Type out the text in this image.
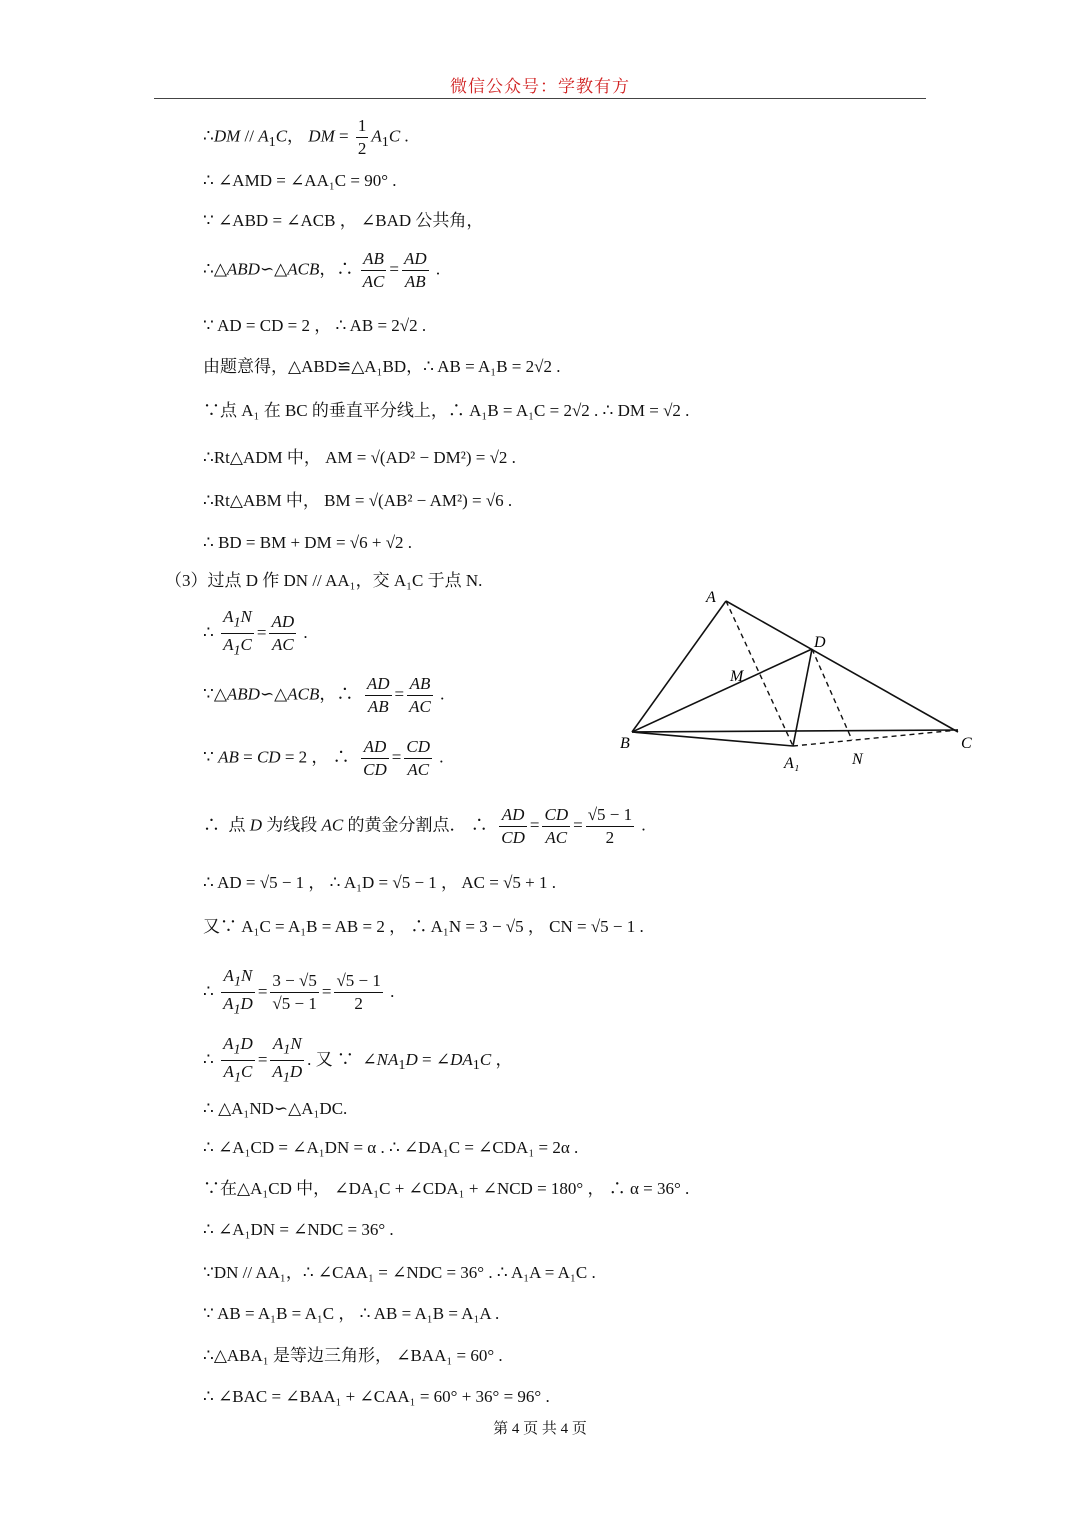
微信公众号：学教有方
∴DM // $A_1C$， DM = $\frac{1}{2} A_1C$ .
∴ ∠AMD = ∠AA₁C = 90° .
∵ ∠ABD = ∠ACB ， ∠BAD 公共角，
∴△ABD∽△ACB，∴ $\frac{AB}{AC} = \frac{AD}{AB}$ .
∵ AD = CD = 2 ， ∴ AB = 2√2 .
由题意得，△ABD≌△A₁BD，∴ AB = A₁B = 2√2 .
∵点 A₁ 在 BC 的垂直平分线上，∴ A₁B = A₁C = 2√2 . ∴ DM = √2 .
∴Rt△ADM 中， AM = √(AD² − DM²) = √2 .
∴Rt△ABM 中， BM = √(AB² − AM²) = √6 .
∴ BD = BM + DM = √6 + √2 .
（3）过点 D 作 DN // AA₁，交 A₁C 于点 N.
∴ $\frac{A_1N}{A_1C} = \frac{AD}{AC}$ .
∵△ABD∽△ACB，∴ $\frac{AD}{AB} = \frac{AB}{AC}$ .
∵ AB = CD = 2 ， ∴ $\frac{AD}{CD} = \frac{CD}{AC}$ .
∴  点 D 为线段 AC 的黄金分割点． ∴ $\frac{AD}{CD} = \frac{CD}{AC} = \frac{√5 - 1}{2}$ .
∴ AD = √5 − 1 ， ∴ A₁D = √5 − 1 ， AC = √5 + 1 .
又∵ A₁C = A₁B = AB = 2 ， ∴ A₁N = 3 − √5 ， CN = √5 − 1 .
∴ $\frac{A_1N}{A_1D} = \frac{3 - √5}{√5 - 1} = \frac{√5 - 1}{2}$ .
∴ $\frac{A_1D}{A_1C} = \frac{A_1N}{A_1D}$ . 又 ∵  $\angle NA_1D$ = $\angle DA_1C$ ，
∴ △A₁ND∽△A₁DC.
∴ ∠A₁CD = ∠A₁DN = α . ∴ ∠DA₁C = ∠CDA₁ = 2α .
∵在△A₁CD 中， ∠DA₁C + ∠CDA₁ + ∠NCD = 180° ， ∴ α = 36° .
∴ ∠A₁DN = ∠NDC = 36° .
∵DN // AA₁，∴ ∠CAA₁ = ∠NDC = 36° . ∴ A₁A = A₁C .
∵ AB = A₁B = A₁C ， ∴ AB = A₁B = A₁A .
∴△ABA₁ 是等边三角形， ∠BAA₁ = 60° .
∴ ∠BAC = ∠BAA₁ + ∠CAA₁ = 60° + 36° = 96° .
A
B	C
D
M
N
A₁
第 4 页 共 4 页
